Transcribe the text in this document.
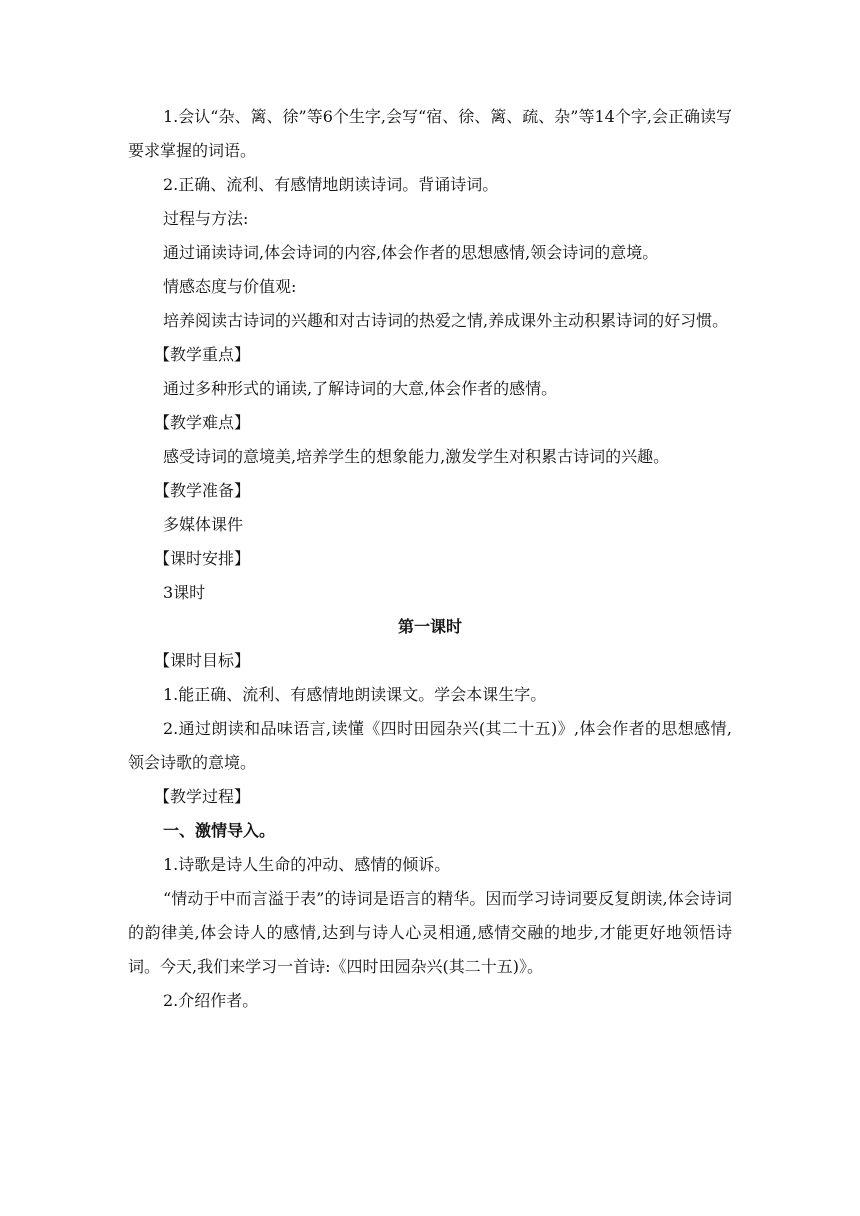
1.会认“杂、篱、徐”等6个生字,会写“宿、徐、篱、疏、杂”等14个字,会正确读写要求掌握的词语。

2.正确、流利、有感情地朗读诗词。背诵诗词。

过程与方法:

通过诵读诗词,体会诗词的内容,体会作者的思想感情,领会诗词的意境。

情感态度与价值观:

培养阅读古诗词的兴趣和对古诗词的热爱之情,养成课外主动积累诗词的好习惯。

【教学重点】

通过多种形式的诵读,了解诗词的大意,体会作者的感情。

【教学难点】

感受诗词的意境美,培养学生的想象能力,激发学生对积累古诗词的兴趣。

【教学准备】

多媒体课件

【课时安排】

3课时

第一课时

【课时目标】

1.能正确、流利、有感情地朗读课文。学会本课生字。

2.通过朗读和品味语言,读懂《四时田园杂兴(其二十五)》,体会作者的思想感情,领会诗歌的意境。

【教学过程】

一、激情导入。

1.诗歌是诗人生命的冲动、感情的倾诉。

“情动于中而言溢于表”的诗词是语言的精华。因而学习诗词要反复朗读,体会诗词的韵律美,体会诗人的感情,达到与诗人心灵相通,感情交融的地步,才能更好地领悟诗词。今天,我们来学习一首诗:《四时田园杂兴(其二十五)》。

2.介绍作者。
